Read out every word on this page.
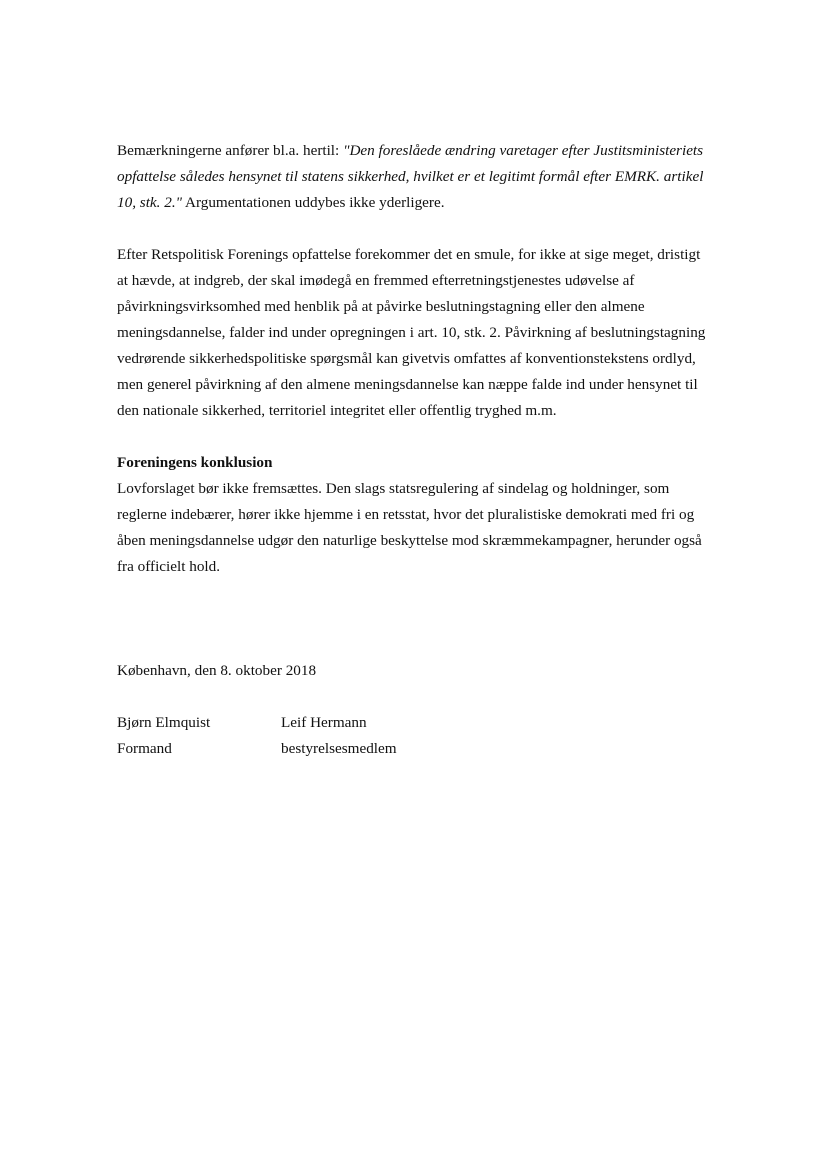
Bemærkningerne anfører bl.a. hertil: "Den foreslåede ændring varetager efter Justitsministeriets opfattelse således hensynet til statens sikkerhed, hvilket er et legitimt formål efter EMRK. artikel 10, stk. 2." Argumentationen uddybes ikke yderligere.

Efter Retspolitisk Forenings opfattelse forekommer det en smule, for ikke at sige meget, dristigt at hævde, at indgreb, der skal imødegå en fremmed efterretningstjenestes udøvelse af påvirkningsvirksomhed med henblik på at påvirke beslutningstagning eller den almene meningsdannelse, falder ind under opregningen i art. 10, stk. 2. Påvirkning af beslutningstagning vedrørende sikkerhedspolitiske spørgsmål kan givetvis omfattes af konventionstekstens ordlyd, men generel påvirkning af den almene meningsdannelse kan næppe falde ind under hensynet til den nationale sikkerhed, territoriel integritet eller offentlig tryghed m.m.

Foreningens konklusion

Lovforslaget bør ikke fremsættes. Den slags statsregulering af sindelag og holdninger, som reglerne indebærer, hører ikke hjemme i en retsstat, hvor det pluralistiske demokrati med fri og åben meningsdannelse udgør den naturlige beskyttelse mod skræmmekampagner, herunder også fra officielt hold.

København, den 8. oktober 2018

Bjørn Elmquist	Leif Hermann
Formand	bestyrelsesmedlem
